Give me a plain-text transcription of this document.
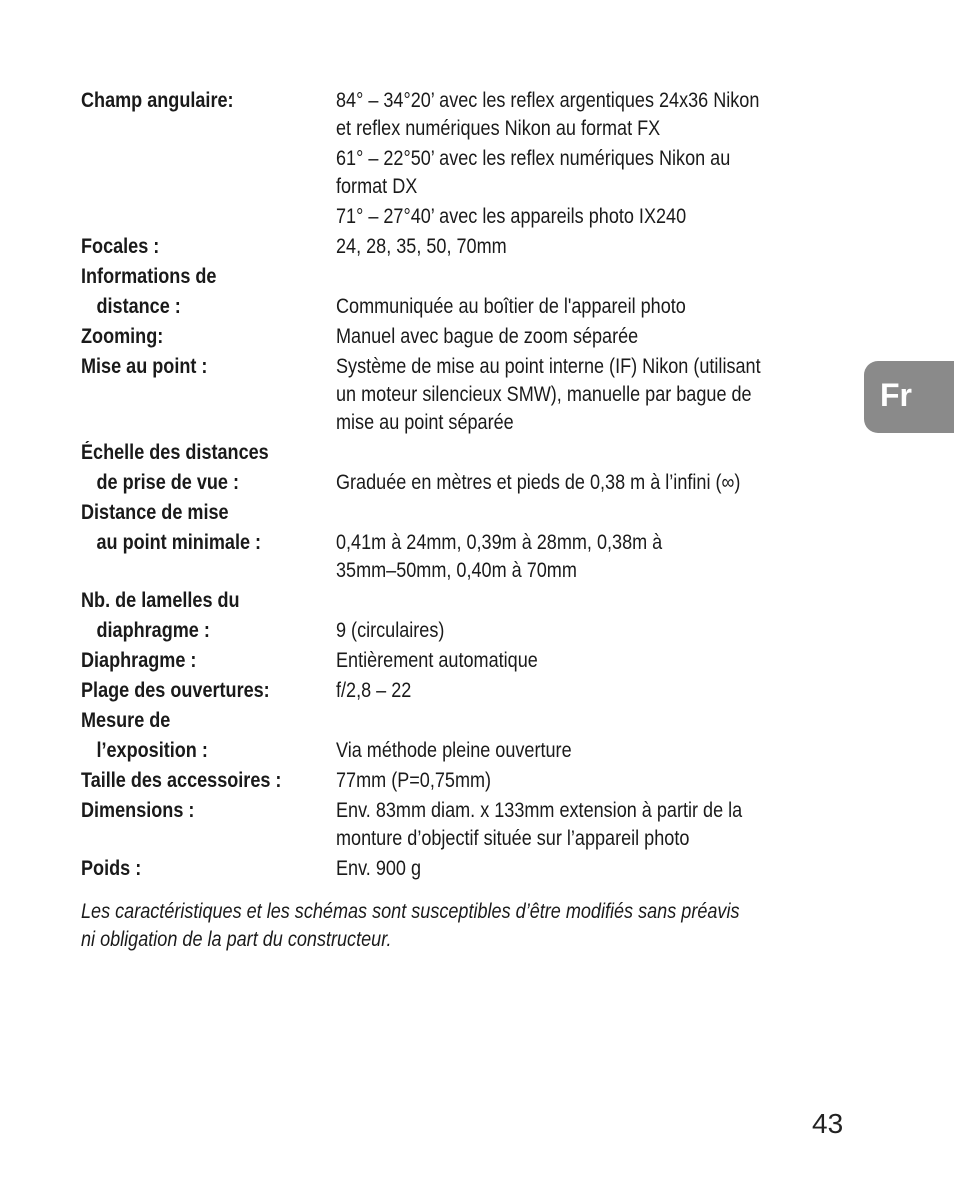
Champ angulaire:	84° – 34°20’ avec les reflex argentiques 24x36 Nikon
et reflex numériques Nikon au format FX
61° – 22°50’ avec les reflex numériques Nikon au
format DX
71° – 27°40’ avec les appareils photo IX240
Focales :	24, 28, 35, 50, 70mm
Informations de
distance :	Communiquée au boîtier de l'appareil photo
Zooming:	Manuel avec bague de zoom séparée
Mise au point :	Système de mise au point interne (IF) Nikon (utilisant
un moteur silencieux SMW), manuelle par bague de
mise au point séparée
Échelle des distances
de prise de vue :	Graduée en mètres et pieds de 0,38 m à l’infini (∞)
Distance de mise
au point minimale :	0,41m à 24mm, 0,39m à 28mm, 0,38m à
35mm–50mm, 0,40m à 70mm
Nb. de lamelles du
diaphragme :	9 (circulaires)
Diaphragme :	Entièrement automatique
Plage des ouvertures:	f/2,8 – 22
Mesure de
l’exposition :	Via méthode pleine ouverture
Taille des accessoires :	77mm (P=0,75mm)
Dimensions :	Env. 83mm diam. x 133mm extension à partir de la
monture d’objectif située sur l’appareil photo
Poids :	Env. 900 g
Les caractéristiques et les schémas sont susceptibles d’être modifiés sans préavis
ni obligation de la part du constructeur.
Fr
43
